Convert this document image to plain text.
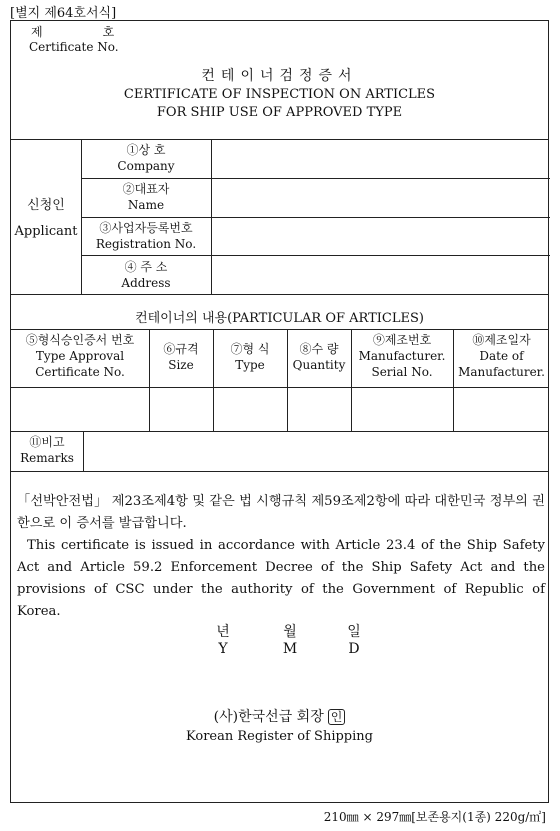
[별지 제64호서식]
제	호
Certificate No.
컨테이너검정증서
CERTIFICATE OF INSPECTION ON ARTICLES
FOR SHIP USE OF APPROVED TYPE
신청인
Applicant
①상 호
Company
②대표자
Name
③사업자등록번호
Registration No.
④ 주 소
Address
컨테이너의 내용(PARTICULAR OF ARTICLES)
⑤형식승인증서 번호
Type Approval Certificate No.
⑥규격
Size
⑦형 식
Type
⑧수 량
Quantity
⑨제조번호
Manufacturer. Serial No.
⑩제조일자
Date of Manufacturer.
⑪비고
Remarks
「선박안전법」 제23조제4항 및 같은 법 시행규칙 제59조제2항에 따라 대한민국 정부의 권한으로 이 증서를 발급합니다.
This certificate is issued in accordance with Article 23.4 of the Ship Safety Act and Article 59.2 Enforcement Decree of the Ship Safety Act and the provisions of CSC under the authority of the Government of Republic of Korea.
년
Y
월
M
일
D
(사)한국선급 회장 인
Korean Register of Shipping
210㎜ × 297㎜[보존용지(1종) 220g/㎡]
